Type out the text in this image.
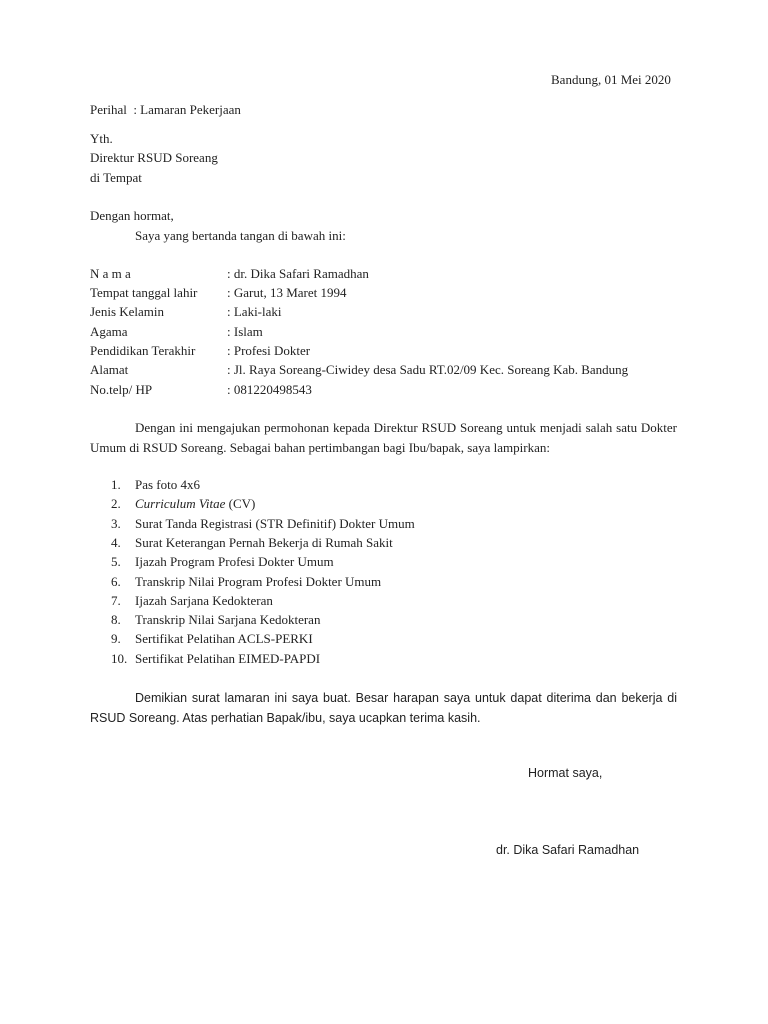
Bandung, 01 Mei 2020
Perihal  : Lamaran Pekerjaan
Yth.
Direktur RSUD Soreang
di Tempat
Dengan hormat,
Saya yang bertanda tangan di bawah ini:
N a m a	: dr. Dika Safari Ramadhan
Tempat tanggal lahir : Garut, 13 Maret 1994
Jenis Kelamin	: Laki-laki
Agama	: Islam
Pendidikan Terakhir : Profesi Dokter
Alamat	: Jl. Raya Soreang-Ciwidey desa Sadu RT.02/09 Kec. Soreang Kab. Bandung
No.telp/ HP	: 081220498543
Dengan ini mengajukan permohonan kepada Direktur RSUD Soreang untuk menjadi salah satu Dokter Umum di RSUD Soreang. Sebagai bahan pertimbangan bagi Ibu/bapak, saya lampirkan:
1. Pas foto 4x6
2. Curriculum Vitae (CV)
3. Surat Tanda Registrasi (STR Definitif) Dokter Umum
4. Surat Keterangan Pernah Bekerja di Rumah Sakit
5. Ijazah Program Profesi Dokter Umum
6. Transkrip Nilai Program Profesi Dokter Umum
7. Ijazah Sarjana Kedokteran
8. Transkrip Nilai Sarjana Kedokteran
9. Sertifikat Pelatihan ACLS-PERKI
10. Sertifikat Pelatihan EIMED-PAPDI
Demikian surat lamaran ini saya buat. Besar harapan saya untuk dapat diterima dan bekerja di RSUD Soreang. Atas perhatian Bapak/ibu, saya ucapkan terima kasih.
Hormat saya,
dr. Dika Safari Ramadhan
